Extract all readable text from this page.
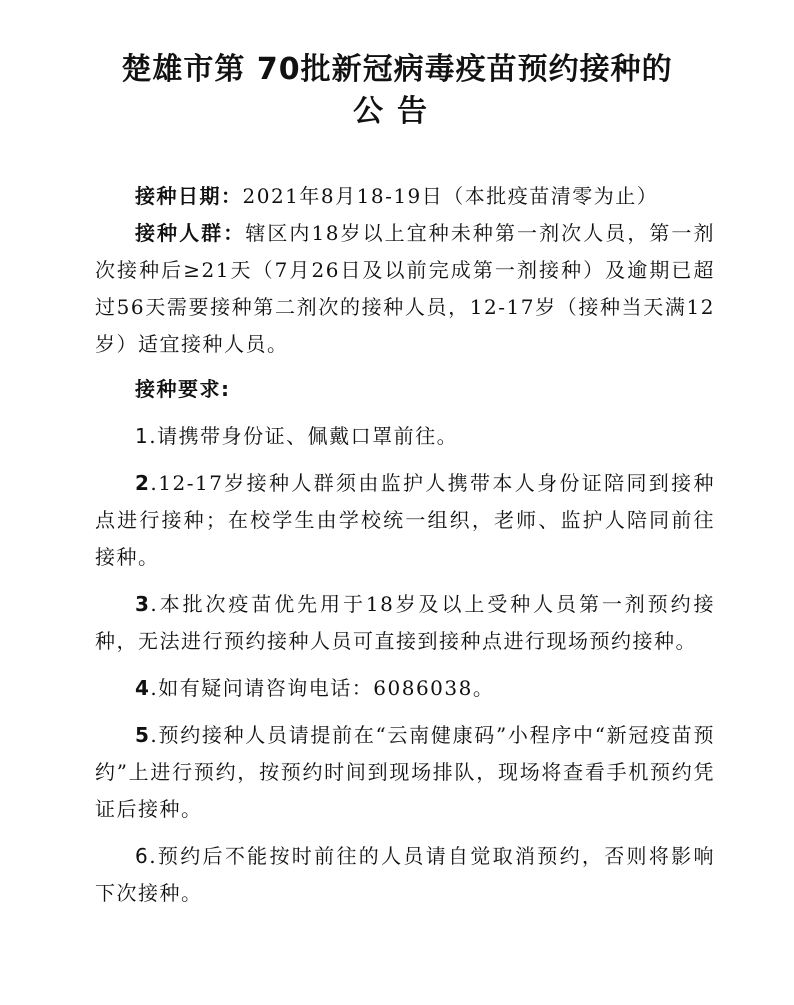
楚雄市第 70批新冠病毒疫苗预约接种的
公告

接种日期：2021年8月18-19日（本批疫苗清零为止）

接种人群：辖区内18岁以上宜种未种第一剂次人员，第一剂次接种后≥21天（7月26日及以前完成第一剂接种）及逾期已超过56天需要接种第二剂次的接种人员，12-17岁（接种当天满12岁）适宜接种人员。

接种要求:

1.请携带身份证、佩戴口罩前往。

2.12-17岁接种人群须由监护人携带本人身份证陪同到接种点进行接种；在校学生由学校统一组织，老师、监护人陪同前往接种。

3.本批次疫苗优先用于18岁及以上受种人员第一剂预约接种，无法进行预约接种人员可直接到接种点进行现场预约接种。

4.如有疑问请咨询电话：6086038。

5.预约接种人员请提前在“云南健康码”小程序中“新冠疫苗预约”上进行预约，按预约时间到现场排队，现场将查看手机预约凭证后接种。

6.预约后不能按时前往的人员请自觉取消预约，否则将影响下次接种。
